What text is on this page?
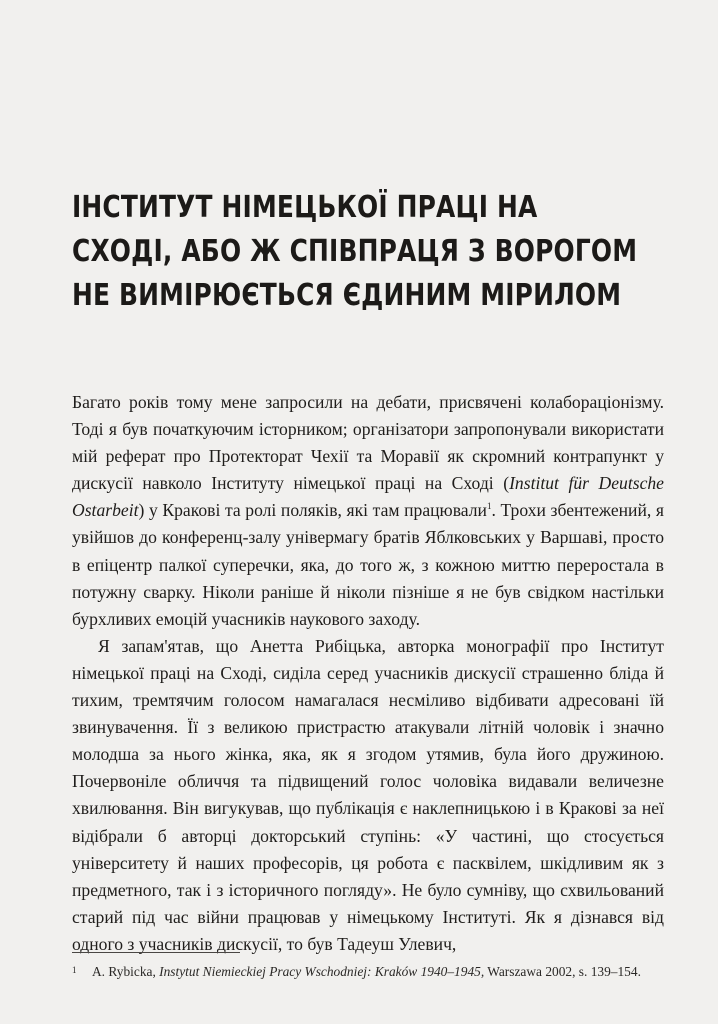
ІНСТИТУТ НІМЕЦЬКОЇ ПРАЦІ НА
СХОДІ, АБО Ж СПІВПРАЦЯ З ВОРОГОМ
НЕ ВИМІРЮЄТЬСЯ ЄДИНИМ МІРИЛОМ

Багато років тому мене запросили на дебати, присвячені колабораціонізму. Тоді я був початкуючим історником; організатори запропонували використати мій реферат про Протекторат Чехії та Моравії як скромний контрапункт у дискусії навколо Інституту німецької праці на Сході (Institut für Deutsche Ostarbeit) у Кракові та ролі поляків, які там працювали$^1$. Трохи збентежений, я увійшов до конференц-залу універмагу братів Яблковських у Варшаві, просто в епіцентр палкої суперечки, яка, до того ж, з кожною миттю переростала в потужну сварку. Ніколи раніше й ніколи пізніше я не був свідком настільки бурхливих емоцій учасників наукового заходу.

Я запам'ятав, що Анетта Рибіцька, авторка монографії про Інститут німецької праці на Сході, сиділа серед учасників дискусії страшенно бліда й тихим, тремтячим голосом намагалася несміливо відбивати адресовані їй звинувачення. Її з великою пристрастю атакували літній чоловік і значно молодша за нього жінка, яка, як я згодом утямив, була його дружиною. Почервоніле обличчя та підвищений голос чоловіка видавали величезне хвилювання. Він вигукував, що публікація є наклепницькою і в Кракові за неї відібрали б авторці докторський ступінь: «У частині, що стосується університету й наших професорів, ця робота є пасквілем, шкідливим як з предметного, так і з історичного погляду». Не було сумніву, що схвильований старий під час війни працював у німецькому Інституті. Як я дізнався від одного з учасників дискусії, то був Тадеуш Улевич,

1 A. Rybicka, Instytut Niemieckiej Pracy Wschodniej: Kraków 1940–1945, Warszawa 2002, s. 139–154.
